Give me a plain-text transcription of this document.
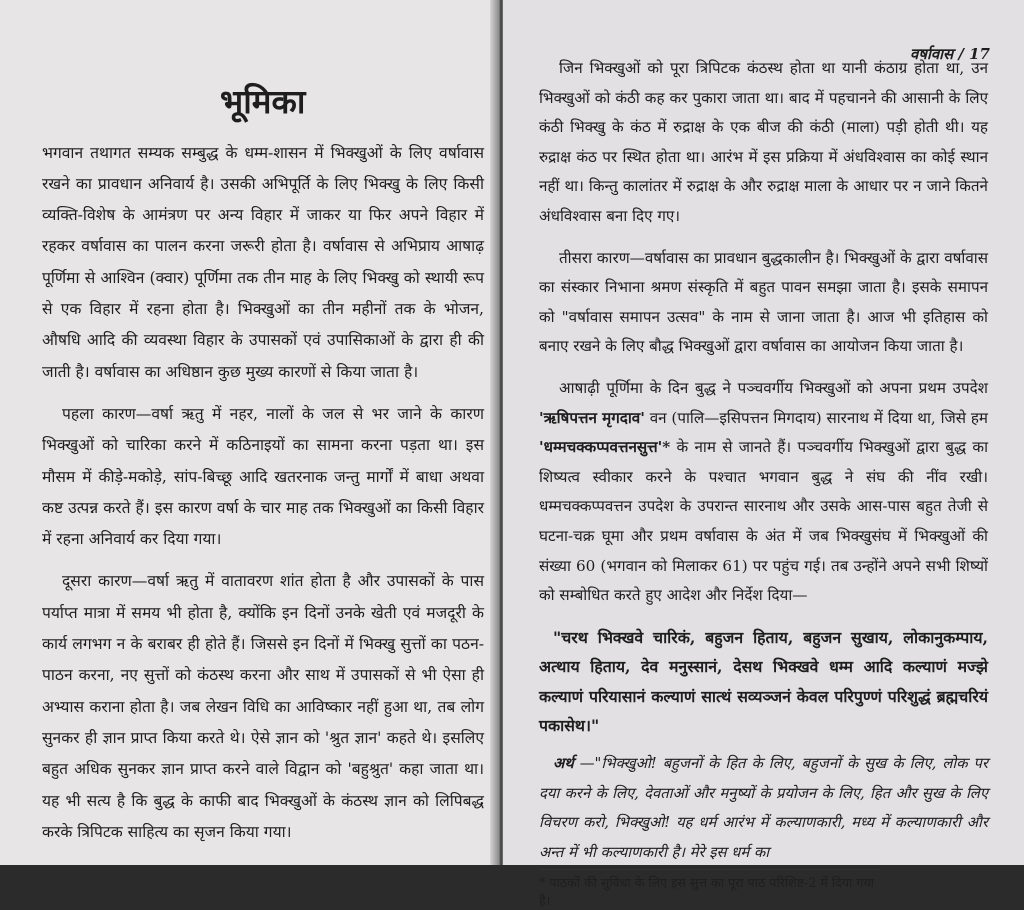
भूमिका

भगवान तथागत सम्यक सम्बुद्ध के धम्म-शासन में भिक्खुओं के लिए वर्षावास रखने का प्रावधान अनिवार्य है। उसकी अभिपूर्ति के लिए भिक्खु के लिए किसी व्यक्ति-विशेष के आमंत्रण पर अन्य विहार में जाकर या फिर अपने विहार में रहकर वर्षावास का पालन करना जरूरी होता है। वर्षावास से अभिप्राय आषाढ़ पूर्णिमा से आश्विन (क्वार) पूर्णिमा तक तीन माह के लिए भिक्खु को स्थायी रूप से एक विहार में रहना होता है। भिक्खुओं का तीन महीनों तक के भोजन, औषधि आदि की व्यवस्था विहार के उपासकों एवं उपासिकाओं के द्वारा ही की जाती है। वर्षावास का अधिष्ठान कुछ मुख्य कारणों से किया जाता है।

पहला कारण—वर्षा ऋतु में नहर, नालों के जल से भर जाने के कारण भिक्खुओं को चारिका करने में कठिनाइयों का सामना करना पड़ता था। इस मौसम में कीड़े-मकोड़े, सांप-बिच्छू आदि खतरनाक जन्तु मार्गों में बाधा अथवा कष्ट उत्पन्न करते हैं। इस कारण वर्षा के चार माह तक भिक्खुओं का किसी विहार में रहना अनिवार्य कर दिया गया।

दूसरा कारण—वर्षा ऋतु में वातावरण शांत होता है और उपासकों के पास पर्याप्त मात्रा में समय भी होता है, क्योंकि इन दिनों उनके खेती एवं मजदूरी के कार्य लगभग न के बराबर ही होते हैं। जिससे इन दिनों में भिक्खु सुत्तों का पठन-पाठन करना, नए सुत्तों को कंठस्थ करना और साथ में उपासकों से भी ऐसा ही अभ्यास कराना होता है। जब लेखन विधि का आविष्कार नहीं हुआ था, तब लोग सुनकर ही ज्ञान प्राप्त किया करते थे। ऐसे ज्ञान को 'श्रुत ज्ञान' कहते थे। इसलिए बहुत अधिक सुनकर ज्ञान प्राप्त करने वाले विद्वान को 'बहुश्रुत' कहा जाता था। यह भी सत्य है कि बुद्ध के काफी बाद भिक्खुओं के कंठस्थ ज्ञान को लिपिबद्ध करके त्रिपिटक साहित्य का सृजन किया गया।

वर्षावास / 17

जिन भिक्खुओं को पूरा त्रिपिटक कंठस्थ होता था यानी कंठाग्र होता था, उन भिक्खुओं को कंठी कह कर पुकारा जाता था। बाद में पहचानने की आसानी के लिए कंठी भिक्खु के कंठ में रुद्राक्ष के एक बीज की कंठी (माला) पड़ी होती थी। यह रुद्राक्ष कंठ पर स्थित होता था। आरंभ में इस प्रक्रिया में अंधविश्वास का कोई स्थान नहीं था। किन्तु कालांतर में रुद्राक्ष के और रुद्राक्ष माला के आधार पर न जाने कितने अंधविश्वास बना दिए गए।

तीसरा कारण—वर्षावास का प्रावधान बुद्धकालीन है। भिक्खुओं के द्वारा वर्षावास का संस्कार निभाना श्रमण संस्कृति में बहुत पावन समझा जाता है। इसके समापन को "वर्षावास समापन उत्सव" के नाम से जाना जाता है। आज भी इतिहास को बनाए रखने के लिए बौद्ध भिक्खुओं द्वारा वर्षावास का आयोजन किया जाता है।

आषाढ़ी पूर्णिमा के दिन बुद्ध ने पञ्चवर्गीय भिक्खुओं को अपना प्रथम उपदेश 'ऋषिपत्तन मृगदाव' वन (पालि—इसिपत्तन मिगदाय) सारनाथ में दिया था, जिसे हम 'धम्मचक्कप्पवत्तनसुत्त'* के नाम से जानते हैं। पञ्चवर्गीय भिक्खुओं द्वारा बुद्ध का शिष्यत्व स्वीकार करने के पश्चात भगवान बुद्ध ने संघ की नींव रखी। धम्मचक्कप्पवत्तन उपदेश के उपरान्त सारनाथ और उसके आस-पास बहुत तेजी से घटना-चक्र घूमा और प्रथम वर्षावास के अंत में जब भिक्खुसंघ में भिक्खुओं की संख्या 60 (भगवान को मिलाकर 61) पर पहुंच गई। तब उन्होंने अपने सभी शिष्यों को सम्बोधित करते हुए आदेश और निर्देश दिया—

"चरथ भिक्खवे चारिकं, बहुजन हिताय, बहुजन सुखाय, लोकानुकम्पाय, अत्थाय हिताय, देव मनुस्सानं, देसथ भिक्खवे धम्म आदि कल्याणं मज्झे कल्याणं परियासानं कल्याणं सात्थं सव्यञ्जनं केवल परिपुण्णं परिशुद्धं ब्रह्मचरियं पकासेथ।"

अर्थ —"भिक्खुओ! बहुजनों के हित के लिए, बहुजनों के सुख के लिए, लोक पर दया करने के लिए, देवताओं और मनुष्यों के प्रयोजन के लिए, हित और सुख के लिए विचरण करो, भिक्खुओ! यह धर्म आरंभ में कल्याणकारी, मध्य में कल्याणकारी और अन्त में भी कल्याणकारी है। मेरे इस धर्म का

* पाठकों की सुविधा के लिए इस सुत्त का पूरा पाठ परिशिष्ट-2 में दिया गया है।
